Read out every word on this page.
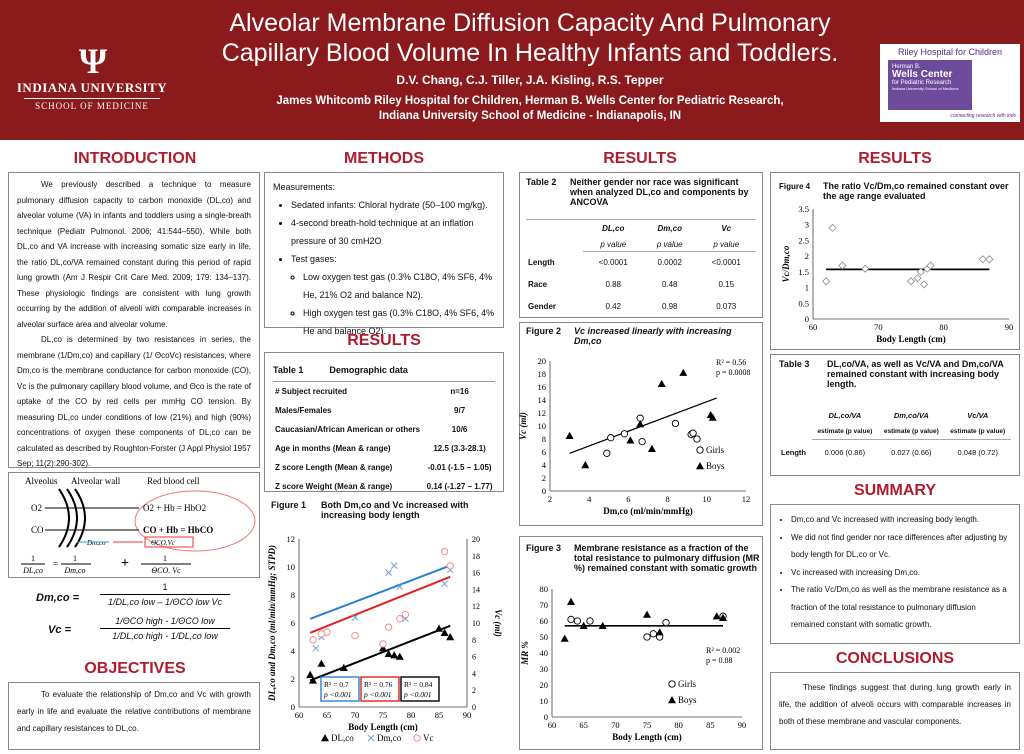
Ψ
INDIANA UNIVERSITY
SCHOOL OF MEDICINE
Alveolar Membrane Diffusion Capacity And Pulmonary Capillary Blood Volume In Healthy Infants and Toddlers.
D.V. Chang, C.J. Tiller, J.A. Kisling, R.S. Tepper
James Whitcomb Riley Hospital for Children, Herman B. Wells Center for Pediatric Research,
Indiana University School of Medicine - Indianapolis, IN
Riley Hospital for Children
Herman B.
Wells Center
for Pediatric Research
Indiana University School of Medicine
connecting research with kids
INTRODUCTION

We previously described a technique to measure pulmonary diffusion capacity to carbon monoxide (DL,co) and alveolar volume (VA) in infants and toddlers using a single-breath technique (Pediatr Pulmonol. 2006; 41:544–550). While both DL,co and VA increase with increasing somatic size early in life, the ratio DL,co/VA remained constant during this period of rapid lung growth (Am J Respir Crit Care Med. 2009; 179: 134–137). These physiologic findings are consistent with lung growth occurring by the addition of alveoli with comparable increases in alveolar surface area and alveolar volume.

DL,co is determined by two resistances in series, the membrane (1/Dm,co) and capillary (1/ ΘcoVc) resistances, where Dm,co is the membrane conductance for carbon monoxide (CO), Vc is the pulmonary capillary blood volume, and Θco is the rate of uptake of the CO by red cells per mmHg CO tension. By measuring DL,co under conditions of low (21%) and high (90%) concentrations of oxygen these components of DL,co can be calculated as described by Roughton-Forster (J Appl Physiol 1957 Sep; 11(2):290-302).

Alveolus Alveolar wall	Red blood cell
O2
CO
O2 + Hb = HbO2
CO + Hb = HbCO
Dm,co	ΘCO.Vc
1
DL,co
=
1
Dm,co	+	1
ΘCO. Vc
Dm,co =
1
1/DL,co low – 1/ΘCO low Vc
Vc =
1/ΘCO high - 1/ΘCO low
1/DL,co high - 1/DL,co low
OBJECTIVES

To evaluate the relationship of Dm,co and Vc with growth early in life and evaluate the relative contributions of membrane and capillary resistances to DL,co.

METHODS
Measurements:
• Sedated infants: Chloral hydrate (50–100 mg/kg).
• 4-second breath-hold technique at an inflation pressure of 30 cmH2O
• Test gases:
◦ Low oxygen test gas (0.3% C18O, 4% SF6, 4% He, 21% O2 and balance N2).
◦ High oxygen test gas (0.3% C18O, 4% SF6, 4% He and balance O2).
RESULTS
Table 1	Demographic data
# Subject recruited	n=16
Males/Females	9/7
Caucasian/African American or others	10/6
Age in months (Mean & range)	12.5 (3.3-28.1)
Z score Length (Mean & range)	-0.01 (-1.5 – 1.05)
Z score Weight (Mean & range)	0.14 (-1.27 – 1.77)
Figure 1 Both Dm,co and Vc increased with increasing body length
60 65 70 75 80 85 90
0
2
4
6
8
10
12
Body Length (cm)
DL,co and Dm,co (ml/min/mmHg; STPD)
0
2
4
6
8
10
12
14
16
18
20
Vc (ml)
R² = 0.7
p <0.001
R² = 0.76
p <0.001
R² = 0.84
p <0.001
DL,co	Dm,co Vc
RESULTS
Table 2 Neither gender nor race was significant when analyzed DL,co and components by ANCOVA
	DL,co	Dm,co	Vc
	p value	p value	p value
Length	<0.0001	0.0002	<0.0001
Race	0.88	0.48	0.15
Gender	0.42	0.98	0.073
Figure 2 Vc increased linearly with increasing Dm,co
2	4	6	8	10	12
0
2
4
6
8
10
12
14
16
18
20
Dm,co (ml/min/mmHg)
Vc (ml)
R² = 0.56
p = 0.0008
Girls
Boys
Figure 3 Membrane resistance as a fraction of the total resistance to pulmonary diffusion (MR %) remained constant with somatic growth
60	65	70	75	80	85	90
0
10
20
30
40
50
60
70
80
Body Length (cm)
MR %	R² = 0.002
p = 0.88
Girls
Boys
RESULTS
Figure 4 The ratio Vc/Dm,co remained constant over the age range evaluated
60	70	80	90
0
0.5
1
1.5
2
2.5
3
3.5
Body Length (cm)
Vc/Dm,co
Table 3 DL,co/VA, as well as Vc/VA and Dm,co/VA remained constant with increasing body length.
	DL,co/VA	Dm,co/VA	Vc/VA
	estimate (p value)	estimate (p value)	estimate (p value)
Length	0.006 (0.86)	0.027 (0.66)	0.048 (0.72)
SUMMARY
• Dm,co and Vc increased with increasing body length.
• We did not find gender nor race differences after adjusting by body length for DL,co or Vc.
• Vc increased with increasing Dm,co.
• The ratio Vc/Dm,co as well as the membrane resistance as a fraction of the total resistance to pulmonary diffusion remained constant with somatic growth.
CONCLUSIONS

These findings suggest that during lung growth early in life, the addition of alveoli occurs with comparable increases in both of these membrane and vascular components.
